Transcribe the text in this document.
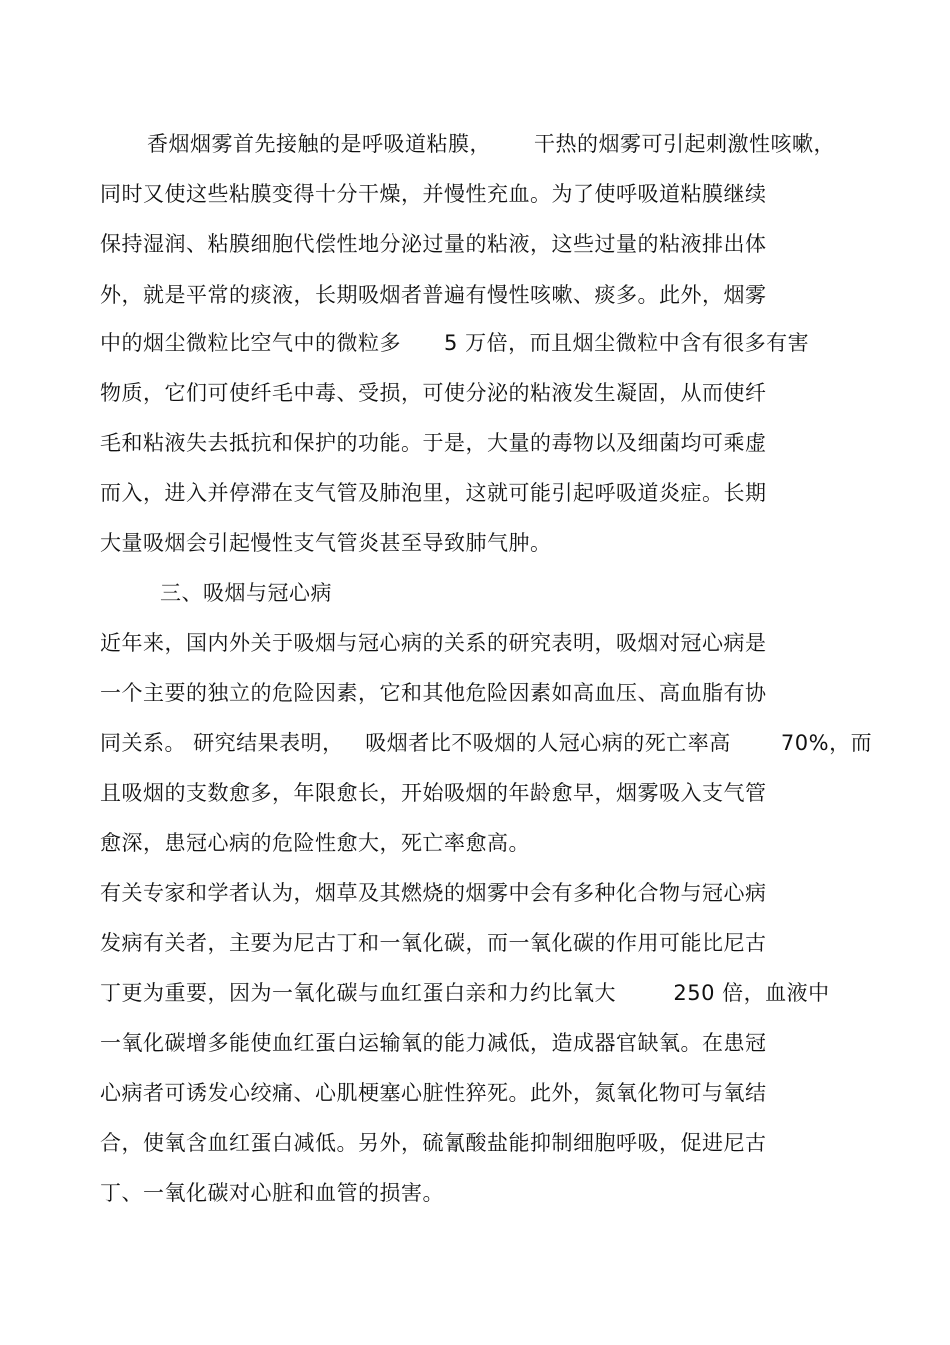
香烟烟雾首先接触的是呼吸道粘膜，      干热的烟雾可引起刺激性咳嗽，
同时又使这些粘膜变得十分干燥，并慢性充血。为了使呼吸道粘膜继续
保持湿润、粘膜细胞代偿性地分泌过量的粘液，这些过量的粘液排出体
外，就是平常的痰液，长期吸烟者普遍有慢性咳嗽、痰多。此外，烟雾
中的烟尘微粒比空气中的微粒多      5 万倍，而且烟尘微粒中含有很多有害
物质，它们可使纤毛中毒、受损，可使分泌的粘液发生凝固，从而使纤
毛和粘液失去抵抗和保护的功能。于是，大量的毒物以及细菌均可乘虚
而入，进入并停滞在支气管及肺泡里，这就可能引起呼吸道炎症。长期
大量吸烟会引起慢性支气管炎甚至导致肺气肿。
三、吸烟与冠心病
近年来，国内外关于吸烟与冠心病的关系的研究表明，吸烟对冠心病是
一个主要的独立的危险因素，它和其他危险因素如高血压、高血脂有协
同关系。 研究结果表明，   吸烟者比不吸烟的人冠心病的死亡率高       70%，而
且吸烟的支数愈多，年限愈长，开始吸烟的年龄愈早，烟雾吸入支气管
愈深，患冠心病的危险性愈大，死亡率愈高。
有关专家和学者认为，烟草及其燃烧的烟雾中会有多种化合物与冠心病
发病有关者，主要为尼古丁和一氧化碳，而一氧化碳的作用可能比尼古
丁更为重要，因为一氧化碳与血红蛋白亲和力约比氧大        250 倍，血液中
一氧化碳增多能使血红蛋白运输氧的能力减低，造成器官缺氧。在患冠
心病者可诱发心绞痛、心肌梗塞心脏性猝死。此外，氮氧化物可与氧结
合，使氧含血红蛋白减低。另外，硫氰酸盐能抑制细胞呼吸，促进尼古
丁、一氧化碳对心脏和血管的损害。
